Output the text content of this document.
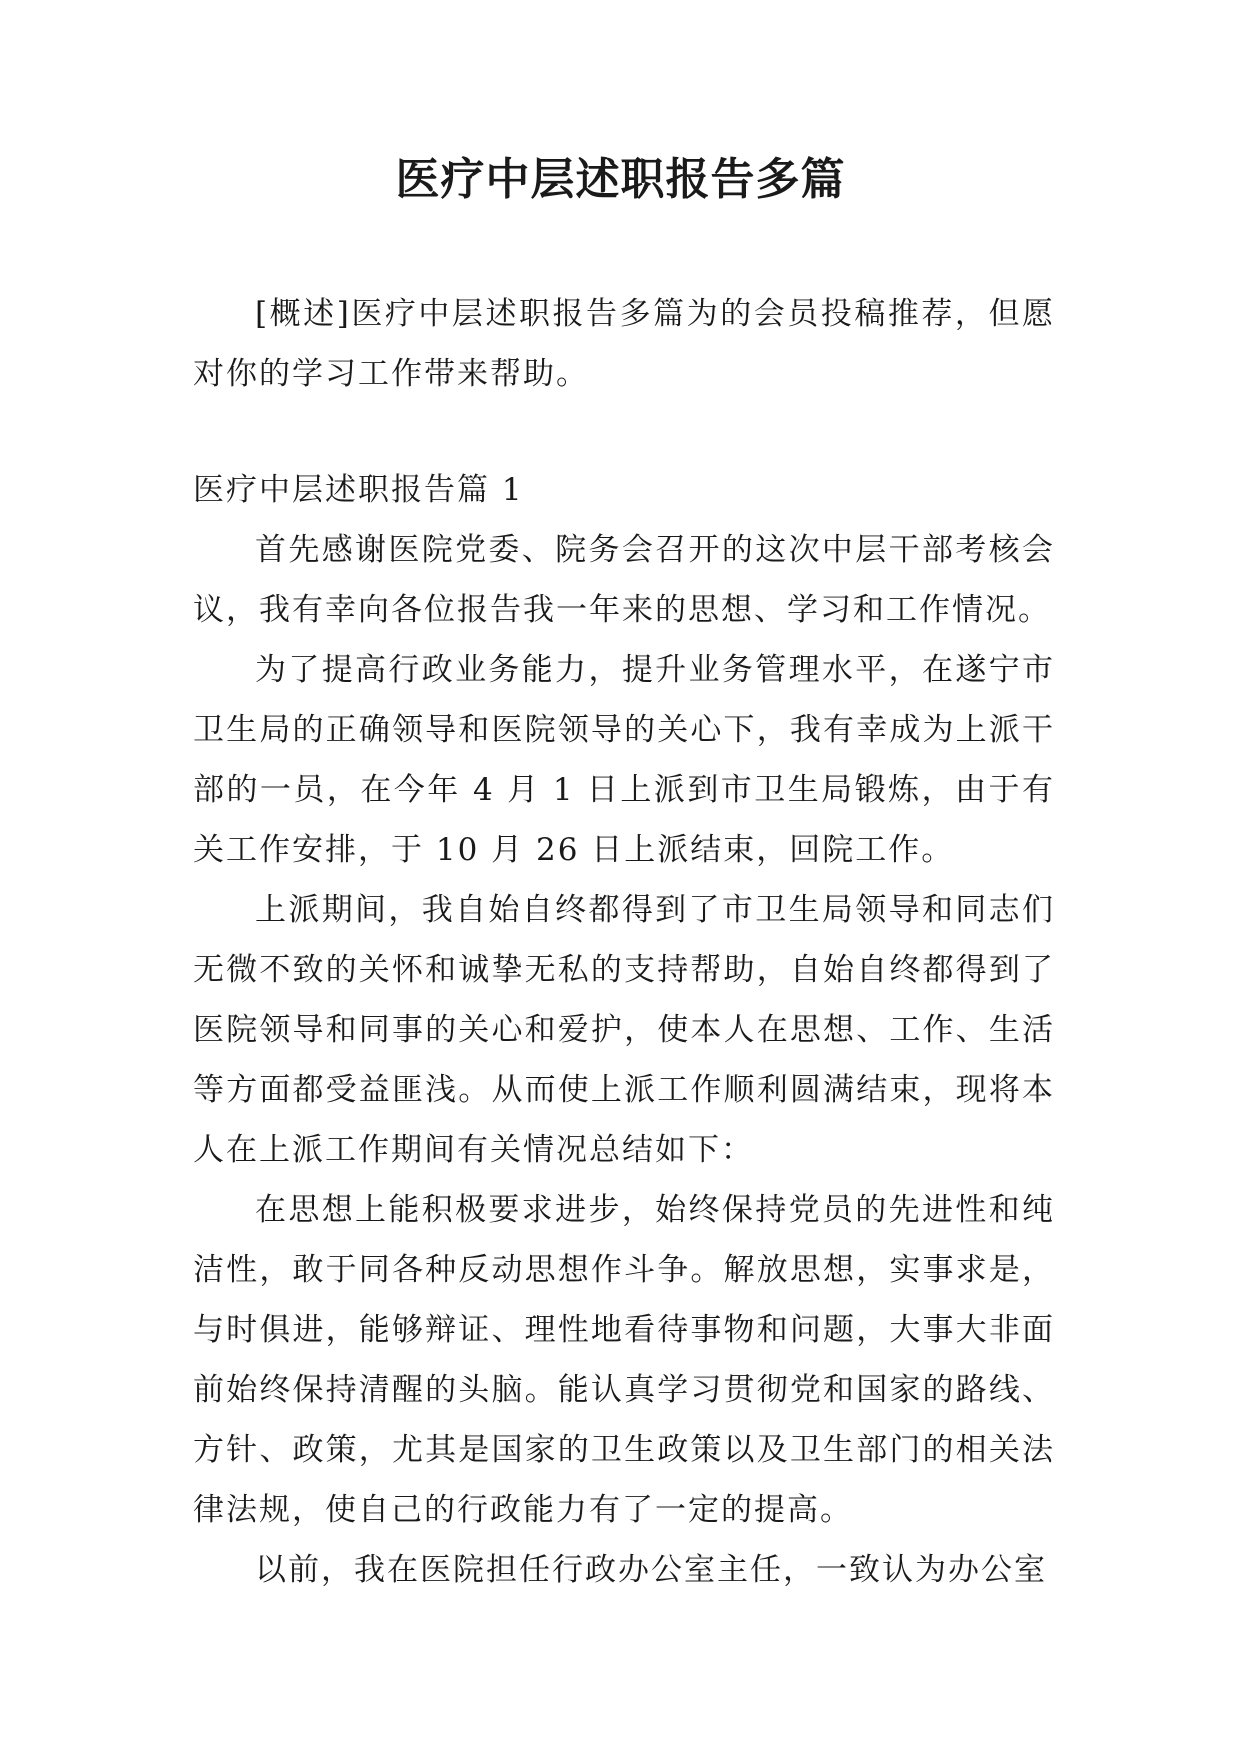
医疗中层述职报告多篇

[概述]医疗中层述职报告多篇为的会员投稿推荐，但愿对你的学习工作带来帮助。

医疗中层述职报告篇 1

首先感谢医院党委、院务会召开的这次中层干部考核会议，我有幸向各位报告我一年来的思想、学习和工作情况。

为了提高行政业务能力，提升业务管理水平，在遂宁市卫生局的正确领导和医院领导的关心下，我有幸成为上派干部的一员，在今年 4 月 1 日上派到市卫生局锻炼，由于有关工作安排，于 10 月 26 日上派结束，回院工作。

上派期间，我自始自终都得到了市卫生局领导和同志们无微不致的关怀和诚挚无私的支持帮助，自始自终都得到了医院领导和同事的关心和爱护，使本人在思想、工作、生活等方面都受益匪浅。从而使上派工作顺利圆满结束，现将本人在上派工作期间有关情况总结如下：

在思想上能积极要求进步，始终保持党员的先进性和纯洁性，敢于同各种反动思想作斗争。解放思想，实事求是，与时俱进，能够辩证、理性地看待事物和问题，大事大非面前始终保持清醒的头脑。能认真学习贯彻党和国家的路线、方针、政策，尤其是国家的卫生政策以及卫生部门的相关法律法规，使自己的行政能力有了一定的提高。

以前，我在医院担任行政办公室主任，一致认为办公室
